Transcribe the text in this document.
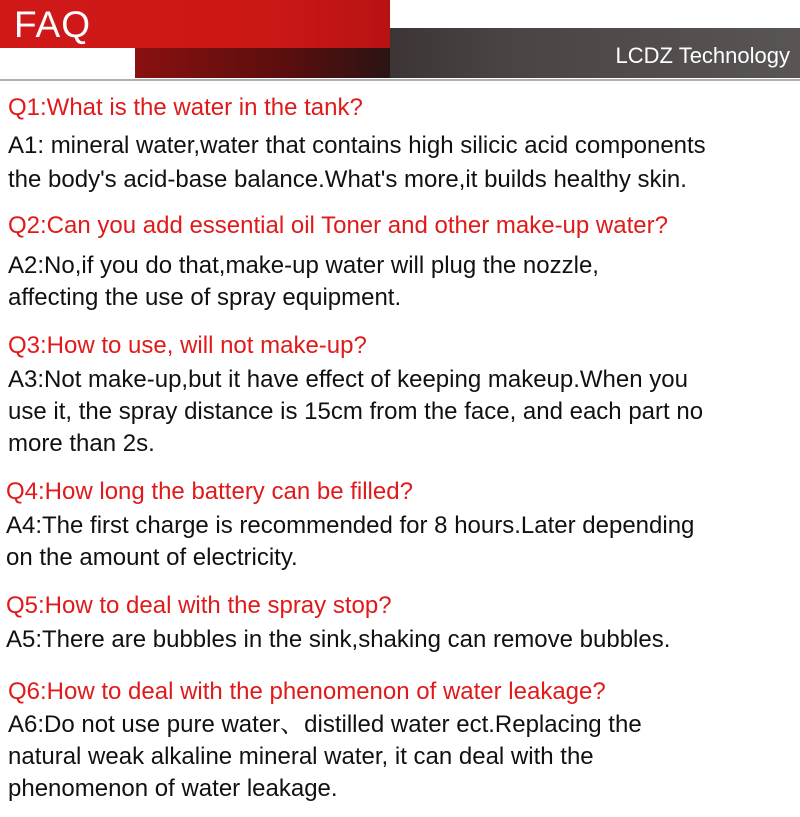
FAQ
LCDZ Technology
Q1:What is the water in the tank?
A1: mineral water,water that contains high silicic acid components
the body's acid-base balance.What's more,it builds healthy skin.
Q2:Can you add essential oil Toner and other make-up water?
A2:No,if you do that,make-up water will plug the nozzle,
affecting the use of spray equipment.
Q3:How to use, will not make-up?
A3:Not make-up,but it have effect of keeping makeup.When you
use it, the spray distance is 15cm from the face, and each part no
more than 2s.
Q4:How long the battery can be filled?
A4:The first charge is recommended for 8 hours.Later depending
on the amount of electricity.
Q5:How to deal with the spray stop?
A5:There are bubbles in the sink,shaking can remove bubbles.
Q6:How to deal with the phenomenon of water leakage?
A6:Do not use pure water、distilled water ect.Replacing the
natural weak alkaline mineral water, it can deal with the
phenomenon of water leakage.
